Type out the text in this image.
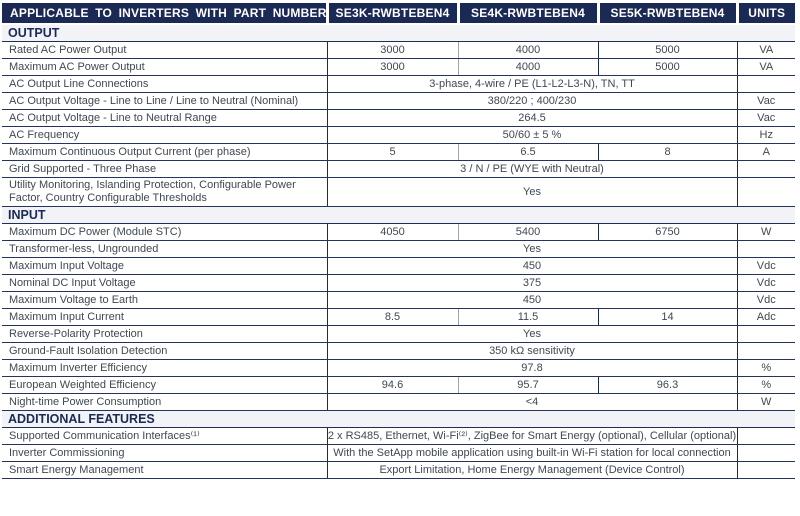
APPLICABLE TO INVERTERS WITH PART NUMBER	SE3K-RWBTEBEN4	SE4K-RWBTEBEN4	SE5K-RWBTEBEN4	UNITS
OUTPUT				
Rated AC Power Output	3000	4000	5000	VA
Maximum AC Power Output	3000	4000	5000	VA
AC Output Line Connections	3-phase, 4-wire / PE (L1-L2-L3-N), TN, TT			
AC Output Voltage - Line to Line / Line to Neutral (Nominal)	380/220 ; 400/230			Vac
AC Output Voltage - Line to Neutral Range	264.5			Vac
AC Frequency	50/60 ± 5 %			Hz
Maximum Continuous Output Current (per phase)	5	6.5	8	A
Grid Supported - Three Phase	3 / N / PE (WYE with Neutral)			
Utility Monitoring, Islanding Protection, Configurable Power Factor, Country Configurable Thresholds	Yes			
INPUT				
Maximum DC Power (Module STC)	4050	5400	6750	W
Transformer-less, Ungrounded	Yes			
Maximum Input Voltage	450			Vdc
Nominal DC Input Voltage	375			Vdc
Maximum Voltage to Earth	450			Vdc
Maximum Input Current	8.5	11.5	14	Adc
Reverse-Polarity Protection	Yes			
Ground-Fault Isolation Detection	350 kΩ sensitivity			
Maximum Inverter Efficiency	97.8			%
European Weighted Efficiency	94.6	95.7	96.3	%
Night-time Power Consumption	<4			W
ADDITIONAL FEATURES				
Supported Communication Interfaces⁽¹⁾	2 x RS485, Ethernet, Wi-Fi⁽²⁾, ZigBee for Smart Energy (optional), Cellular (optional)			
Inverter Commissioning	With the SetApp mobile application using built-in Wi-Fi station for local connection			
Smart Energy Management	Export Limitation, Home Energy Management (Device Control)			
